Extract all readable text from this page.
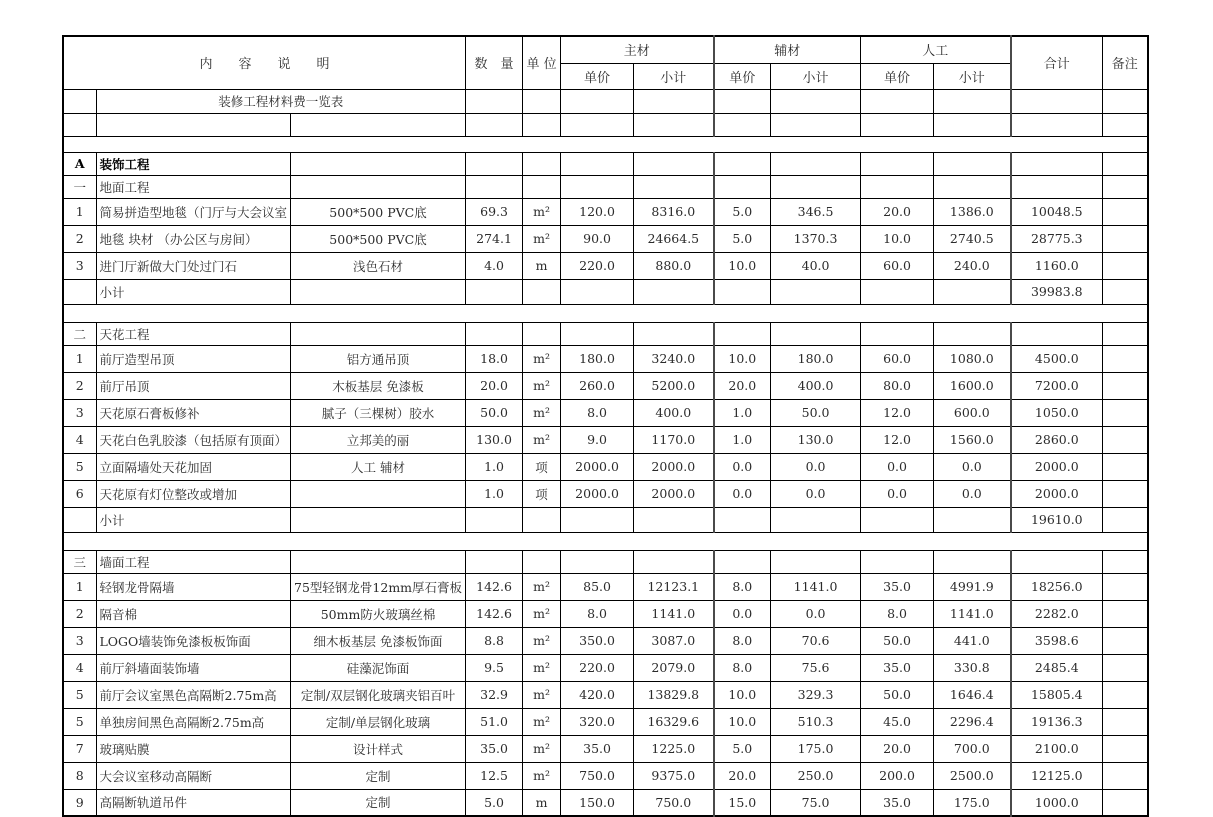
内　　容　　说　　明			数　量	单 位	主材		辅材		人工		合计	备注
					单价	小计	单价	小计	单价	小计		
	装修工程材料费一览表											

A	装饰工程											
一	地面工程											
1	简易拼造型地毯（门厅与大会议室	500*500 PVC底	69.3	m²	120.0	8316.0	5.0	346.5	20.0	1386.0	10048.5	
2	地毯 块材 （办公区与房间）	500*500 PVC底	274.1	m²	90.0	24664.5	5.0	1370.3	10.0	2740.5	28775.3	
3	进门厅新做大门处过门石	浅色石材	4.0	m	220.0	880.0	10.0	40.0	60.0	240.0	1160.0	
	小计										39983.8	

二	天花工程											
1	前厅造型吊顶	铝方通吊顶	18.0	m²	180.0	3240.0	10.0	180.0	60.0	1080.0	4500.0	
2	前厅吊顶	木板基层 免漆板	20.0	m²	260.0	5200.0	20.0	400.0	80.0	1600.0	7200.0	
3	天花原石膏板修补	腻子（三棵树）胶水	50.0	m²	8.0	400.0	1.0	50.0	12.0	600.0	1050.0	
4	天花白色乳胶漆（包括原有顶面）	立邦美的丽	130.0	m²	9.0	1170.0	1.0	130.0	12.0	1560.0	2860.0	
5	立面隔墙处天花加固	人工 辅材	1.0	项	2000.0	2000.0	0.0	0.0	0.0	0.0	2000.0	
6	天花原有灯位整改或增加		1.0	项	2000.0	2000.0	0.0	0.0	0.0	0.0	2000.0	
	小计										19610.0	

三	墙面工程											
1	轻钢龙骨隔墙	75型轻钢龙骨12mm厚石膏板	142.6	m²	85.0	12123.1	8.0	1141.0	35.0	4991.9	18256.0	
2	隔音棉	50mm防火玻璃丝棉	142.6	m²	8.0	1141.0	0.0	0.0	8.0	1141.0	2282.0	
3	LOGO墙装饰免漆板板饰面	细木板基层 免漆板饰面	8.8	m²	350.0	3087.0	8.0	70.6	50.0	441.0	3598.6	
4	前厅斜墙面装饰墙	硅藻泥饰面	9.5	m²	220.0	2079.0	8.0	75.6	35.0	330.8	2485.4	
5	前厅会议室黑色高隔断2.75m高	定制/双层钢化玻璃夹铝百叶	32.9	m²	420.0	13829.8	10.0	329.3	50.0	1646.4	15805.4	
5	单独房间黑色高隔断2.75m高	定制/单层钢化玻璃	51.0	m²	320.0	16329.6	10.0	510.3	45.0	2296.4	19136.3	
7	玻璃贴膜	设计样式	35.0	m²	35.0	1225.0	5.0	175.0	20.0	700.0	2100.0	
8	大会议室移动高隔断	定制	12.5	m²	750.0	9375.0	20.0	250.0	200.0	2500.0	12125.0	
9	高隔断轨道吊件	定制	5.0	m	150.0	750.0	15.0	75.0	35.0	175.0	1000.0	
